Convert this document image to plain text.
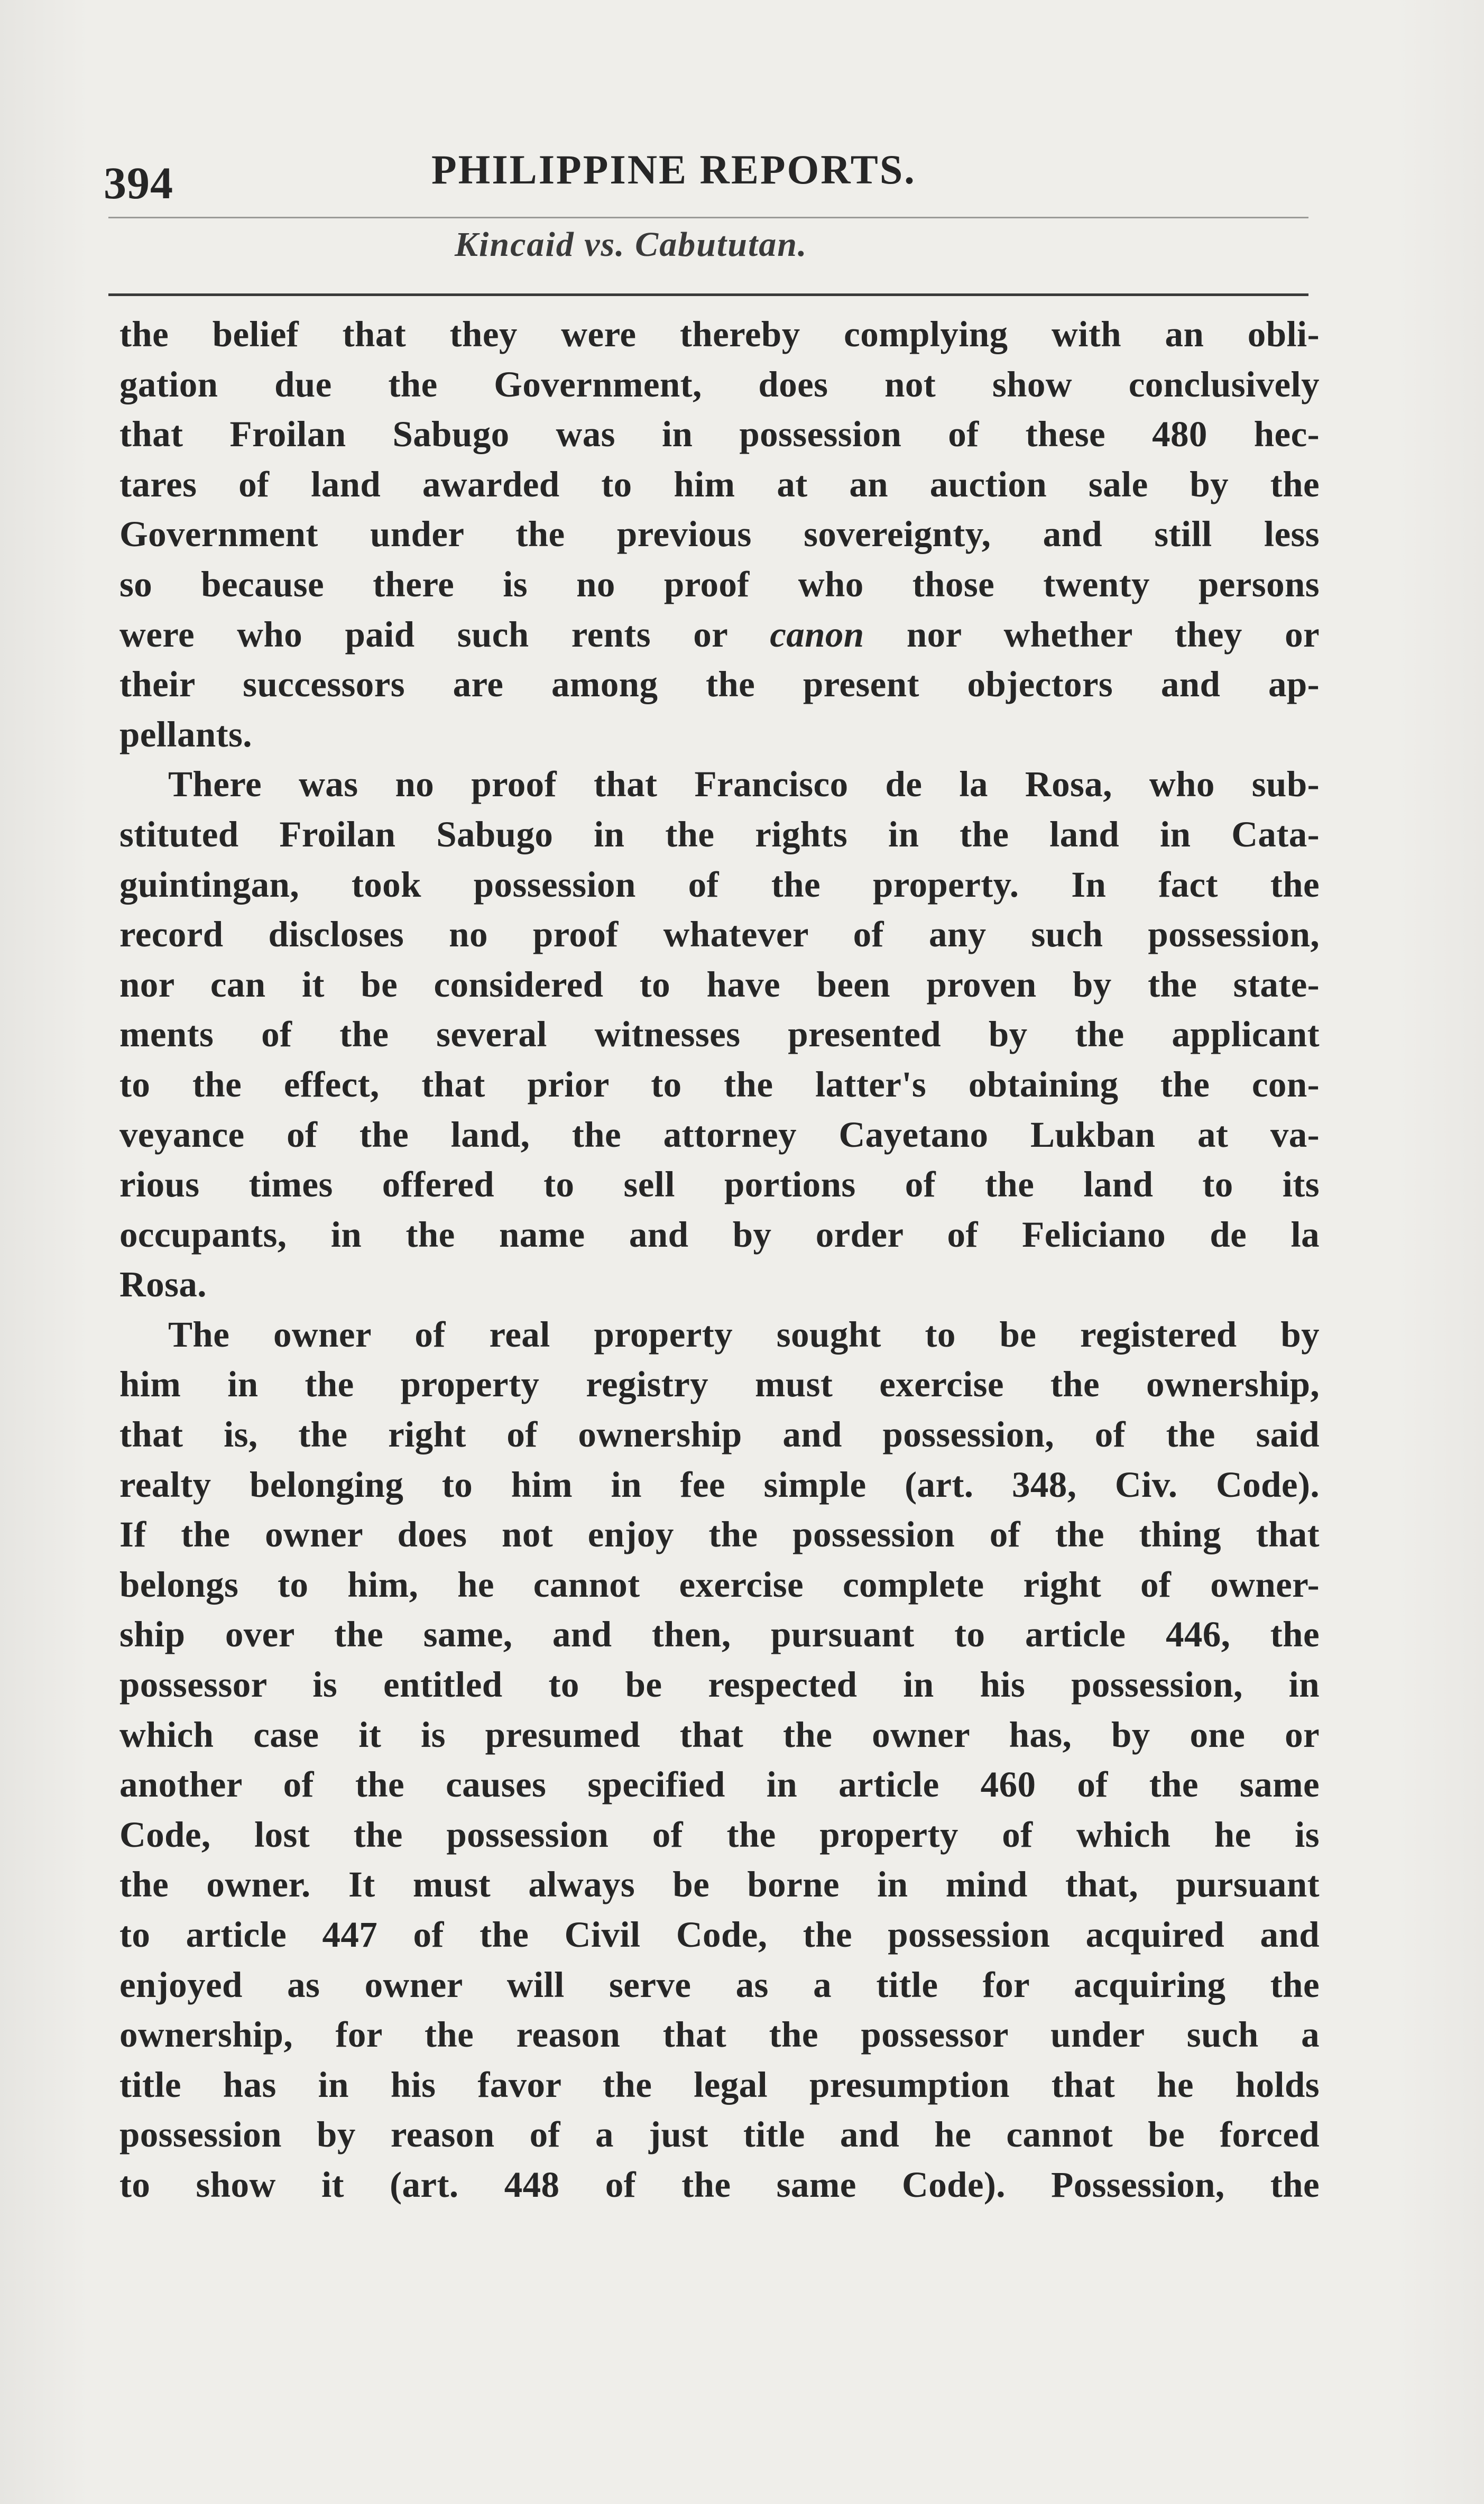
394	PHILIPPINE REPORTS.
Kincaid vs. Cabututan.
the belief that they were thereby complying with an obli-
gation due the Government, does not show conclusively
that Froilan Sabugo was in possession of these 480 hec-
tares of land awarded to him at an auction sale by the
Government under the previous sovereignty, and still less
so because there is no proof who those twenty persons
were who paid such rents or canon nor whether they or
their successors are among the present objectors and ap-
pellants.
There was no proof that Francisco de la Rosa, who sub-
stituted Froilan Sabugo in the rights in the land in Cata-
guintingan, took possession of the property. In fact the
record discloses no proof whatever of any such possession,
nor can it be considered to have been proven by the state-
ments of the several witnesses presented by the applicant
to the effect, that prior to the latter's obtaining the con-
veyance of the land, the attorney Cayetano Lukban at va-
rious times offered to sell portions of the land to its
occupants, in the name and by order of Feliciano de la
Rosa.
The owner of real property sought to be registered by
him in the property registry must exercise the ownership,
that is, the right of ownership and possession, of the said
realty belonging to him in fee simple (art. 348, Civ. Code).
If the owner does not enjoy the possession of the thing that
belongs to him, he cannot exercise complete right of owner-
ship over the same, and then, pursuant to article 446, the
possessor is entitled to be respected in his possession, in
which case it is presumed that the owner has, by one or
another of the causes specified in article 460 of the same
Code, lost the possession of the property of which he is
the owner. It must always be borne in mind that, pursuant
to article 447 of the Civil Code, the possession acquired and
enjoyed as owner will serve as a title for acquiring the
ownership, for the reason that the possessor under such a
title has in his favor the legal presumption that he holds
possession by reason of a just title and he cannot be forced
to show it (art. 448 of the same Code). Possession, the
